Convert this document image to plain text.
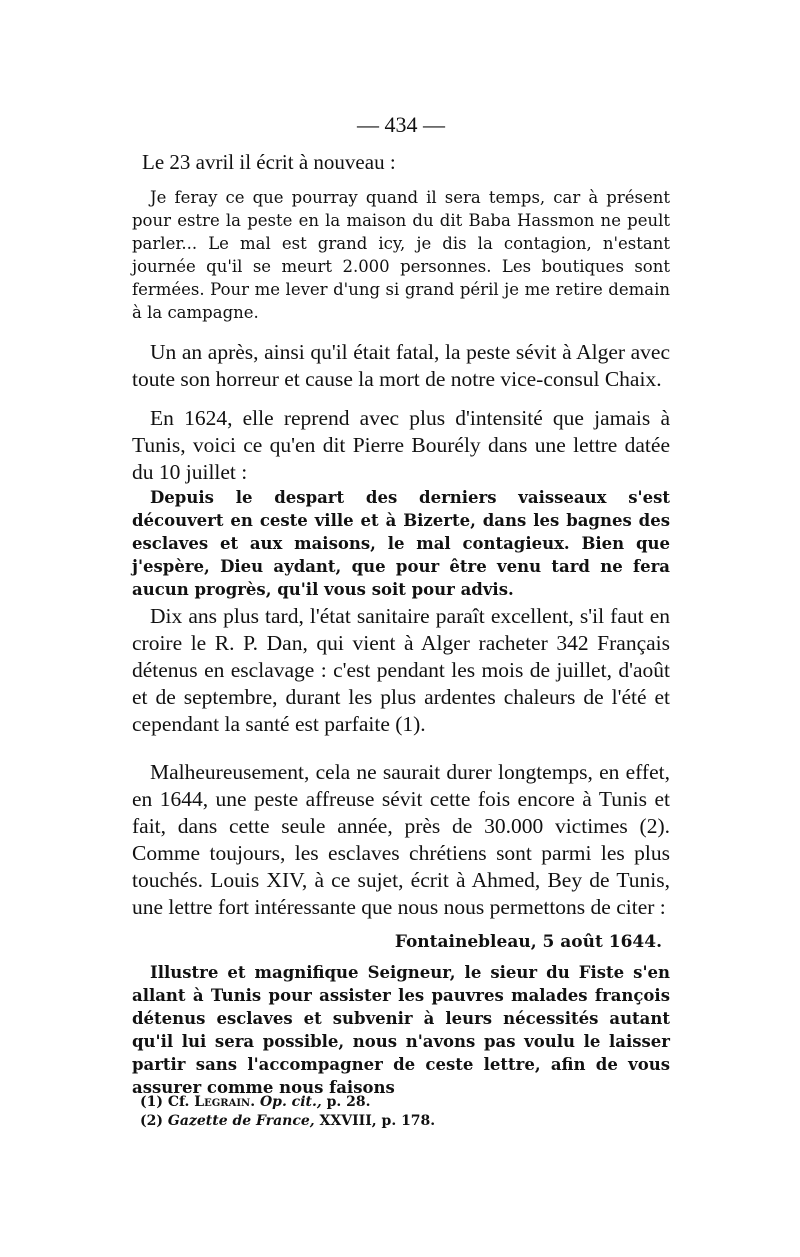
— 434 —

Le 23 avril il écrit à nouveau :

Je feray ce que pourray quand il sera temps, car à présent pour estre la peste en la maison du dit Baba Hassmon ne peult parler... Le mal est grand icy, je dis la contagion, n'estant journée qu'il se meurt 2.000 personnes. Les boutiques sont fermées. Pour me lever d'ung si grand péril je me retire demain à la campagne.

Un an après, ainsi qu'il était fatal, la peste sévit à Alger avec toute son horreur et cause la mort de notre vice-consul Chaix.

En 1624, elle reprend avec plus d'intensité que jamais à Tunis, voici ce qu'en dit Pierre Bourély dans une lettre datée du 10 juillet :

Depuis le despart des derniers vaisseaux s'est découvert en ceste ville et à Bizerte, dans les bagnes des esclaves et aux maisons, le mal contagieux. Bien que j'espère, Dieu aydant, que pour être venu tard ne fera aucun progrès, qu'il vous soit pour advis.

Dix ans plus tard, l'état sanitaire paraît excellent, s'il faut en croire le R. P. Dan, qui vient à Alger racheter 342 Français détenus en esclavage : c'est pendant les mois de juillet, d'août et de septembre, durant les plus ardentes chaleurs de l'été et cependant la santé est parfaite (1).

Malheureusement, cela ne saurait durer longtemps, en effet, en 1644, une peste affreuse sévit cette fois encore à Tunis et fait, dans cette seule année, près de 30.000 victimes (2). Comme toujours, les esclaves chrétiens sont parmi les plus touchés. Louis XIV, à ce sujet, écrit à Ahmed, Bey de Tunis, une lettre fort intéressante que nous nous permettons de citer :

Fontainebleau, 5 août 1644.

Illustre et magnifique Seigneur, le sieur du Fiste s'en allant à Tunis pour assister les pauvres malades françois détenus esclaves et subvenir à leurs nécessités autant qu'il lui sera possible, nous n'avons pas voulu le laisser partir sans l'accompagner de ceste lettre, afin de vous assurer comme nous faisons

(1) Cf. Legrain. Op. cit., p. 28.
(2) Gazette de France, XXVIII, p. 178.
